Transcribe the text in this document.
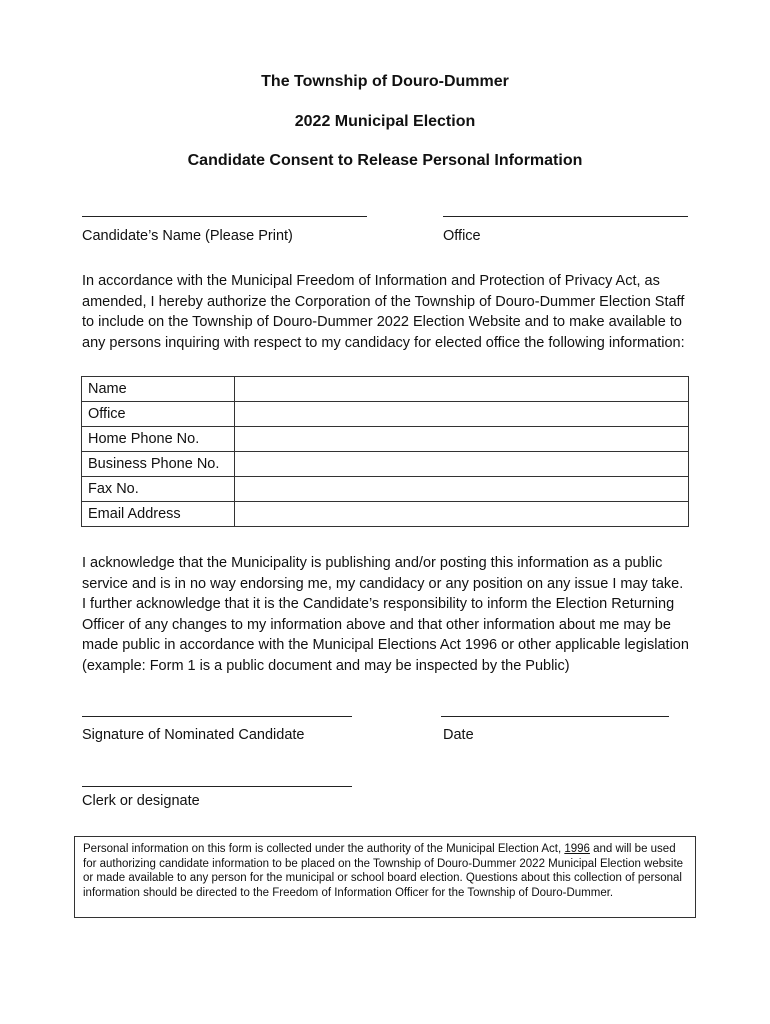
The Township of Douro-Dummer
2022 Municipal Election
Candidate Consent to Release Personal Information
Candidate’s Name (Please Print)	Office

In accordance with the Municipal Freedom of Information and Protection of Privacy Act, as amended, I hereby authorize the Corporation of the Township of Douro-Dummer Election Staff to include on the Township of Douro-Dummer 2022 Election Website and to make available to any persons inquiring with respect to my candidacy for elected office the following information:

Name	
Office	
Home Phone No.	
Business Phone No.	
Fax No.	
Email Address	

I acknowledge that the Municipality is publishing and/or posting this information as a public service and is in no way endorsing me, my candidacy or any position on any issue I may take. I further acknowledge that it is the Candidate’s responsibility to inform the Election Returning Officer of any changes to my information above and that other information about me may be made public in accordance with the Municipal Elections Act 1996 or other applicable legislation (example: Form 1 is a public document and may be inspected by the Public)

Signature of Nominated Candidate	Date
Clerk or designate
Personal information on this form is collected under the authority of the Municipal Election Act, 1996 and will be used for authorizing candidate information to be placed on the Township of Douro-Dummer 2022 Municipal Election website or made available to any person for the municipal or school board election. Questions about this collection of personal information should be directed to the Freedom of Information Officer for the Township of Douro-Dummer.
